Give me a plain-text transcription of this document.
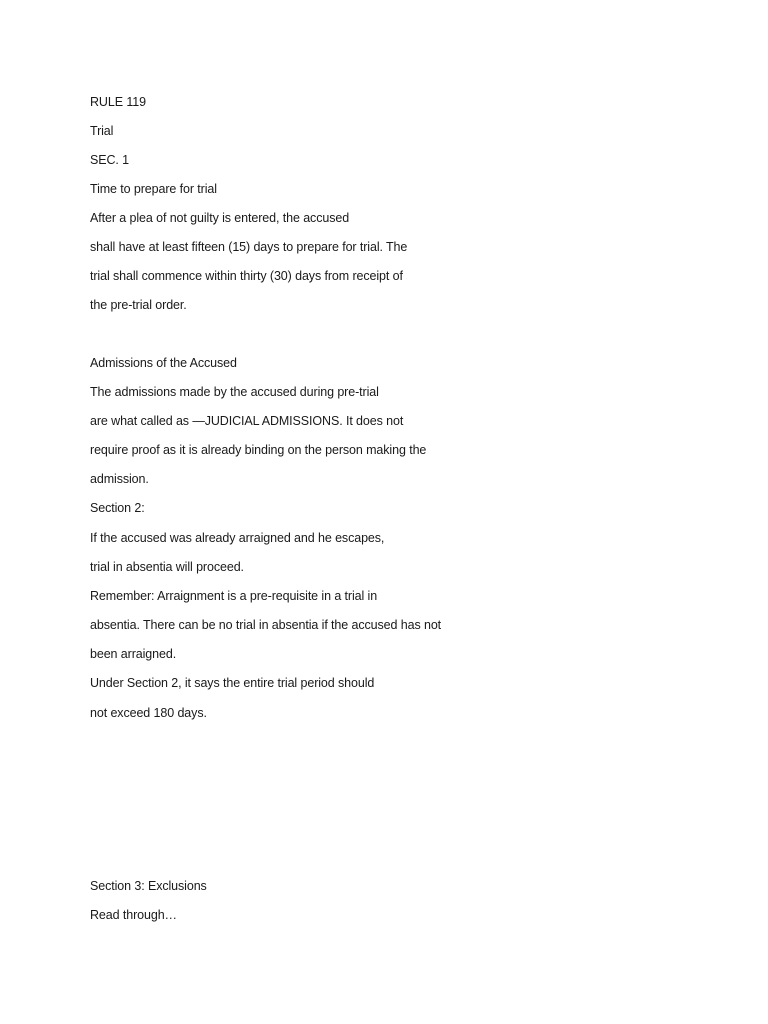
RULE 119
Trial
SEC. 1
Time to prepare for trial
After a plea of not guilty is entered, the accused
shall have at least fifteen (15) days to prepare for trial. The
trial shall commence within thirty (30) days from receipt of
the pre-trial order.
Admissions of the Accused
The admissions made by the accused during pre-trial
are what called as —JUDICIAL ADMISSIONS. It does not
require proof as it is already binding on the person making the
admission.
Section 2:
If the accused was already arraigned and he escapes,
trial in absentia will proceed.
Remember: Arraignment is a pre-requisite in a trial in
absentia. There can be no trial in absentia if the accused has not
been arraigned.
Under Section 2, it says the entire trial period should
not exceed 180 days.
Section 3: Exclusions
Read through…
